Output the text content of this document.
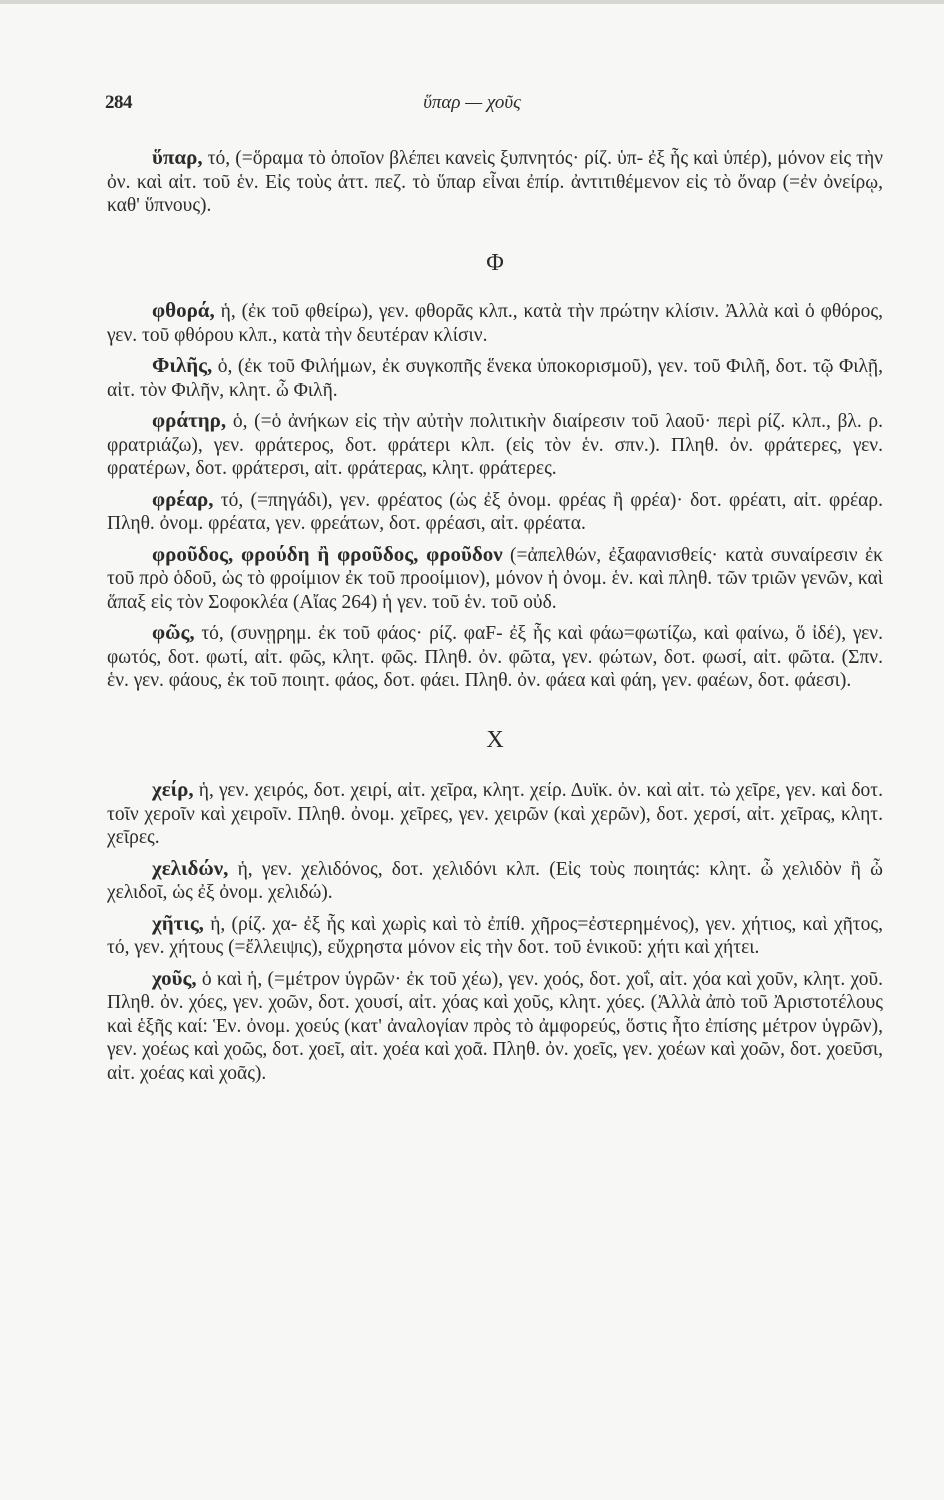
284	ὕπαρ — χοῦς

ὕπαρ, τό, (=ὅραμα τὸ ὁποῖον βλέπει κανεὶς ξυπνητός· ρίζ. ὑπ- ἐξ ἧς καὶ ὑπέρ), μόνον εἰς τὴν ὀν. καὶ αἰτ. τοῦ ἑν. Εἰς τοὺς ἀττ. πεζ. τὸ ὕπαρ εἶναι ἐπίρ. ἀντιτιθέμενον εἰς τὸ ὄναρ (=ἐν ὀνείρῳ, καθ' ὕπνους).

Φ

φθορά, ἡ, (ἐκ τοῦ φθείρω), γεν. φθορᾶς κλπ., κατὰ τὴν πρώτην κλίσιν. Ἀλλὰ καὶ ὁ φθόρος, γεν. τοῦ φθόρου κλπ., κατὰ τὴν δευτέραν κλίσιν.

Φιλῆς, ὁ, (ἐκ τοῦ Φιλήμων, ἐκ συγκοπῆς ἕνεκα ὑποκορισμοῦ), γεν. τοῦ Φιλῆ, δοτ. τῷ Φιλῇ, αἰτ. τὸν Φιλῆν, κλητ. ὦ Φιλῆ.

φράτηρ, ὁ, (=ὁ ἀνήκων εἰς τὴν αὐτὴν πολιτικὴν διαίρεσιν τοῦ λαοῦ· περὶ ρίζ. κλπ., βλ. ρ. φρατριάζω), γεν. φράτερος, δοτ. φράτερι κλπ. (εἰς τὸν ἑν. σπν.). Πληθ. ὀν. φράτερες, γεν. φρατέρων, δοτ. φράτερσι, αἰτ. φράτερας, κλητ. φράτερες.

φρέαρ, τό, (=πηγάδι), γεν. φρέατος (ὡς ἐξ ὀνομ. φρέας ἢ φρέα)· δοτ. φρέατι, αἰτ. φρέαρ. Πληθ. ὀνομ. φρέατα, γεν. φρεάτων, δοτ. φρέασι, αἰτ. φρέατα.

φροῦδος, φρούδη ἢ φροῦδος, φροῦδον (=ἀπελθών, ἐξαφανισθείς· κατὰ συναίρεσιν ἐκ τοῦ πρὸ ὁδοῦ, ὡς τὸ φροίμιον ἐκ τοῦ προοίμιον), μόνον ἡ ὀνομ. ἑν. καὶ πληθ. τῶν τριῶν γενῶν, καὶ ἅπαξ εἰς τὸν Σοφοκλέα (Αἴας 264) ἡ γεν. τοῦ ἑν. τοῦ οὐδ.

φῶς, τό, (συνῃρημ. ἐκ τοῦ φάος· ρίζ. φαF- ἐξ ἧς καὶ φάω=φωτίζω, καὶ φαίνω, ὅ ἰδέ), γεν. φωτός, δοτ. φωτί, αἰτ. φῶς, κλητ. φῶς. Πληθ. ὀν. φῶτα, γεν. φώτων, δοτ. φωσί, αἰτ. φῶτα. (Σπν. ἑν. γεν. φάους, ἐκ τοῦ ποιητ. φάος, δοτ. φάει. Πληθ. ὀν. φάεα καὶ φάη, γεν. φαέων, δοτ. φάεσι).

Χ

χείρ, ἡ, γεν. χειρός, δοτ. χειρί, αἰτ. χεῖρα, κλητ. χείρ. Δυϊκ. ὀν. καὶ αἰτ. τὼ χεῖρε, γεν. καὶ δοτ. τοῖν χεροῖν καὶ χειροῖν. Πληθ. ὀνομ. χεῖρες, γεν. χειρῶν (καὶ χερῶν), δοτ. χερσί, αἰτ. χεῖρας, κλητ. χεῖρες.

χελιδών, ἡ, γεν. χελιδόνος, δοτ. χελιδόνι κλπ. (Εἰς τοὺς ποιητάς: κλητ. ὦ χελιδὸν ἢ ὦ χελιδοῖ, ὡς ἐξ ὀνομ. χελιδώ).

χῆτις, ἡ, (ρίζ. χα- ἐξ ἧς καὶ χωρὶς καὶ τὸ ἐπίθ. χῆρος=ἐστερημένος), γεν. χήτιος, καὶ χῆτος, τό, γεν. χήτους (=ἔλλειψις), εὔχρηστα μόνον εἰς τὴν δοτ. τοῦ ἑνικοῦ: χήτι καὶ χήτει.

χοῦς, ὁ καὶ ἡ, (=μέτρον ὑγρῶν· ἐκ τοῦ χέω), γεν. χοός, δοτ. χοΐ, αἰτ. χόα καὶ χοῦν, κλητ. χοῦ. Πληθ. ὀν. χόες, γεν. χοῶν, δοτ. χουσί, αἰτ. χόας καὶ χοῦς, κλητ. χόες. (Ἀλλὰ ἀπὸ τοῦ Ἀριστοτέλους καὶ ἑξῆς καί: Ἑν. ὀνομ. χοεύς (κατ' ἀναλογίαν πρὸς τὸ ἀμφορεύς, ὅστις ἦτο ἐπίσης μέτρον ὑγρῶν), γεν. χοέως καὶ χοῶς, δοτ. χοεῖ, αἰτ. χοέα καὶ χοᾶ. Πληθ. ὀν. χοεῖς, γεν. χοέων καὶ χοῶν, δοτ. χοεῦσι, αἰτ. χοέας καὶ χοᾶς).
